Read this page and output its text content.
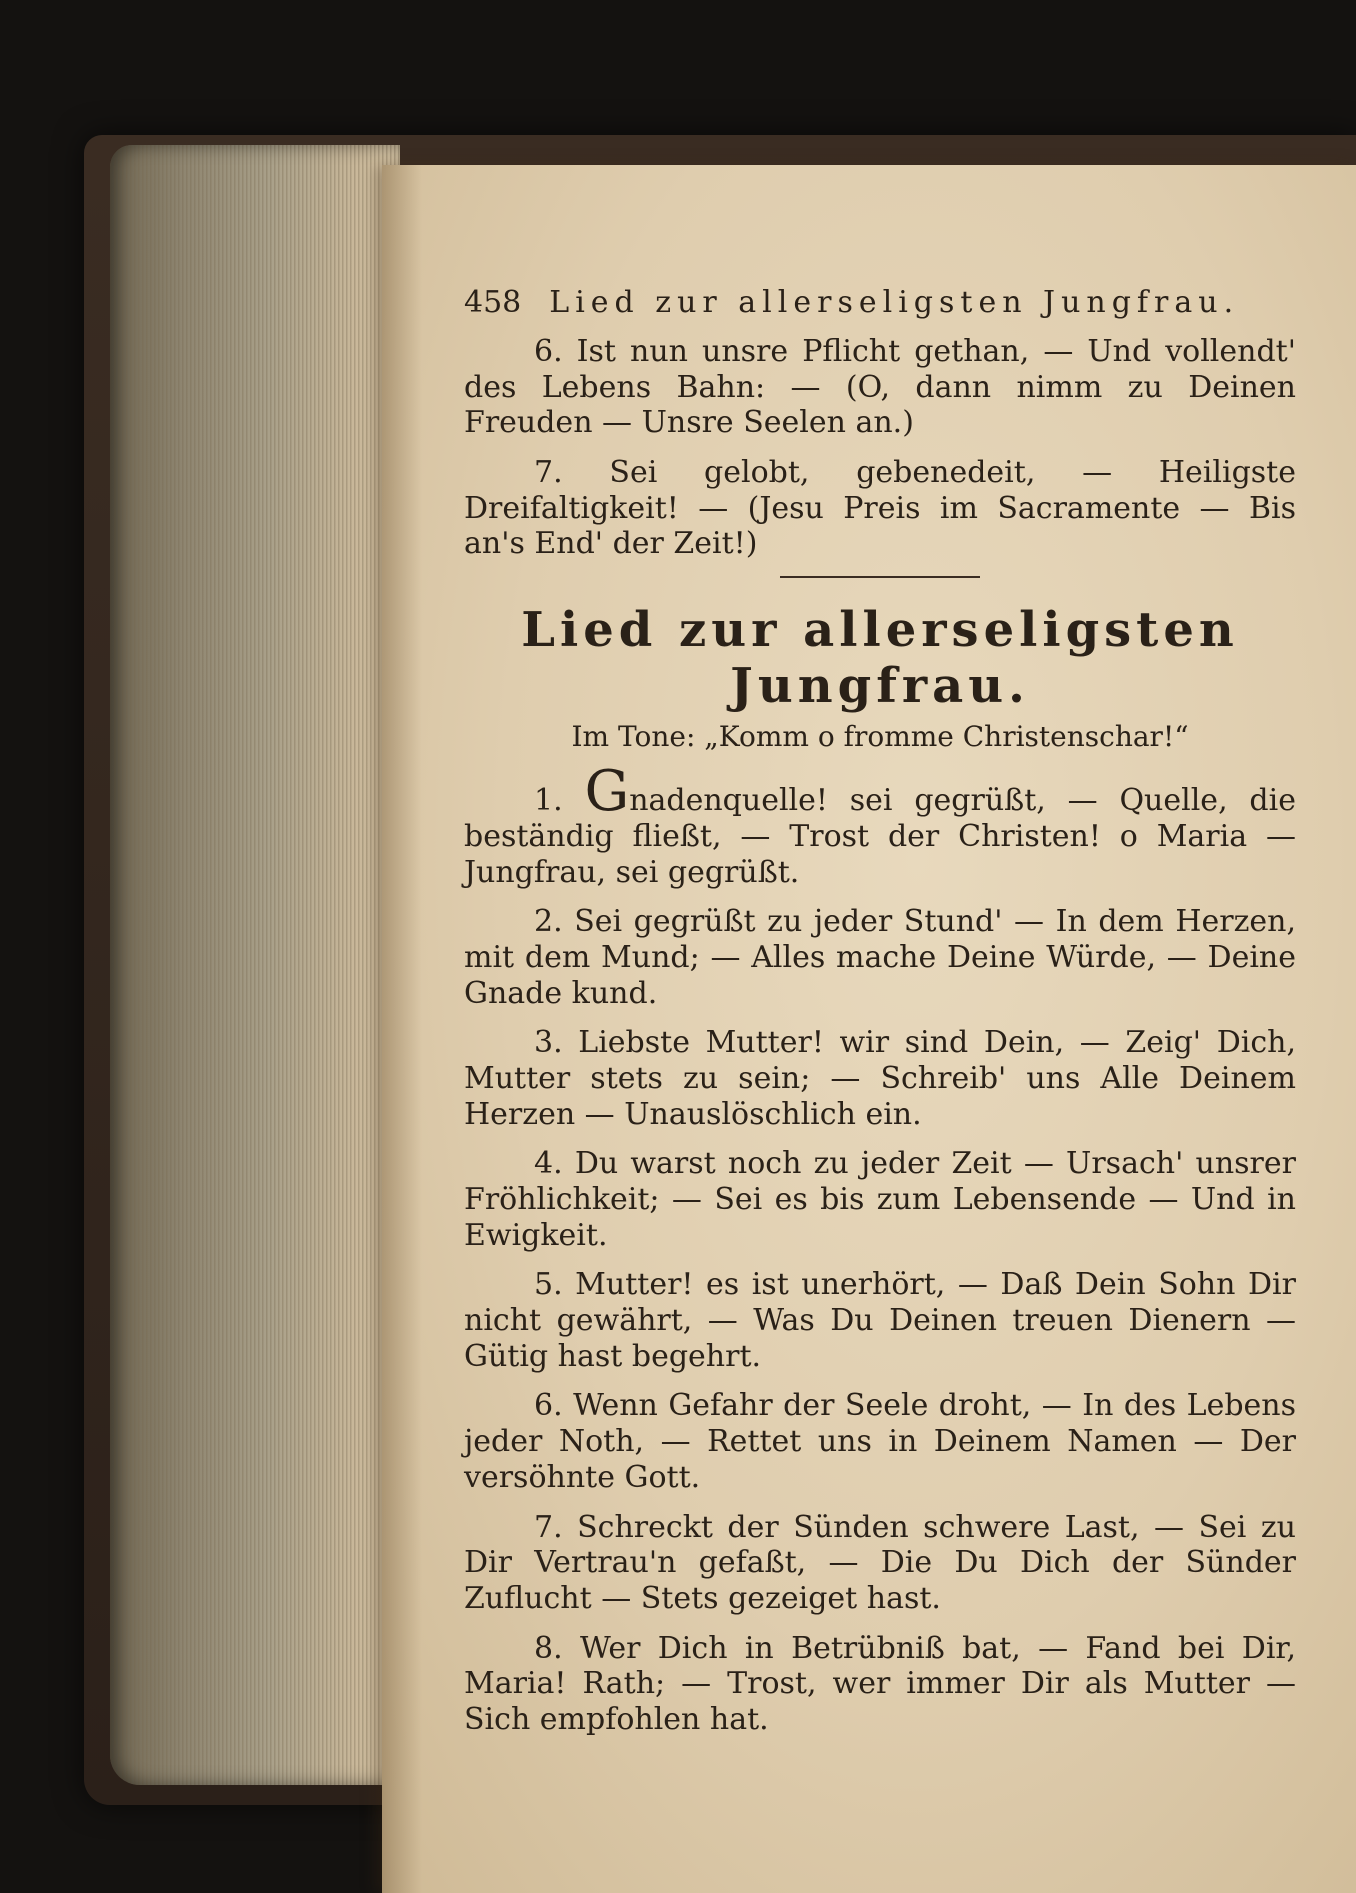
458 Lied zur allerseligsten Jungfrau.

6. Ist nun unsre Pflicht gethan, — Und vollendt' des Lebens Bahn: — (O, dann nimm zu Deinen Freuden — Unsre Seelen an.)

7. Sei gelobt, gebenedeit, — Heiligste Dreifaltigkeit! — (Jesu Preis im Sacramente — Bis an's End' der Zeit!)

Lied zur allerseligsten Jungfrau.

Im Tone: „Komm o fromme Christenschar!“

1. Gnadenquelle! sei gegrüßt, — Quelle, die beständig fließt, — Trost der Christen! o Maria — Jungfrau, sei gegrüßt.

2. Sei gegrüßt zu jeder Stund' — In dem Herzen, mit dem Mund; — Alles mache Deine Würde, — Deine Gnade kund.

3. Liebste Mutter! wir sind Dein, — Zeig' Dich, Mutter stets zu sein; — Schreib' uns Alle Deinem Herzen — Unauslöschlich ein.

4. Du warst noch zu jeder Zeit — Ursach' unsrer Fröhlichkeit; — Sei es bis zum Lebensende — Und in Ewigkeit.

5. Mutter! es ist unerhört, — Daß Dein Sohn Dir nicht gewährt, — Was Du Deinen treuen Dienern — Gütig hast begehrt.

6. Wenn Gefahr der Seele droht, — In des Lebens jeder Noth, — Rettet uns in Deinem Namen — Der versöhnte Gott.

7. Schreckt der Sünden schwere Last, — Sei zu Dir Vertrau'n gefaßt, — Die Du Dich der Sünder Zuflucht — Stets gezeiget hast.

8. Wer Dich in Betrübniß bat, — Fand bei Dir, Maria! Rath; — Trost, wer immer Dir als Mutter — Sich empfohlen hat.
